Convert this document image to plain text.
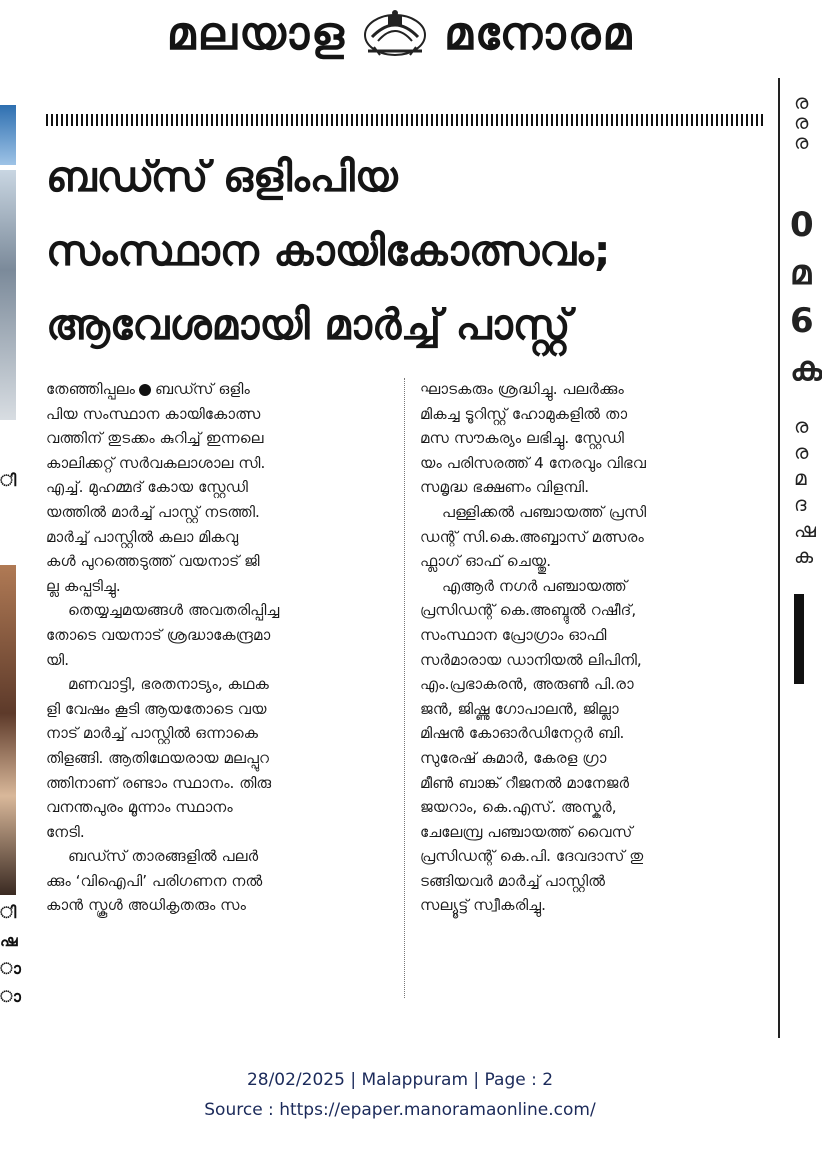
മലയാള മനോരമ
ി
ി
ഷ
ാ
ാ
ര
ര
ര
0
മ
6
ക
ര
ര
മ
ദ
ഷ
ക
ബഡ്സ് ഒളിംപിയ
സംസ്ഥാന കായികോത്സവം;
ആവേശമായി മാർച്ച് പാസ്റ്റ്

തേഞ്ഞിപ്പലം ബഡ്സ് ഒളിം
പിയ സംസ്ഥാന കായികോത്സ
വത്തിന് തുടക്കം കുറിച്ച് ഇന്നലെ
കാലിക്കറ്റ് സർവകലാശാല സി.
എച്ച്. മുഹമ്മദ് കോയ സ്റ്റേഡി
യത്തിൽ മാർച്ച് പാസ്റ്റ് നടത്തി.
മാർച്ച് പാസ്റ്റിൽ കലാ മികവു
കൾ പുറത്തെടുത്ത് വയനാട് ജി
ല്ല കപ്പടിച്ചു.

തെയ്യച്ചമയങ്ങൾ അവതരിപ്പിച്ച
തോടെ വയനാട് ശ്രദ്ധാകേന്ദ്രമാ
യി.

മണവാട്ടി, ഭരതനാട്യം, കഥക
ളി വേഷം കൂടി ആയതോടെ വയ
നാട് മാർച്ച് പാസ്റ്റിൽ ഒന്നാകെ
തിളങ്ങി. ആതിഥേയരായ മലപ്പുറ
ത്തിനാണ് രണ്ടാം സ്ഥാനം. തിരു
വനന്തപുരം മൂന്നാം സ്ഥാനം
നേടി.

ബഡ്സ് താരങ്ങളിൽ പലർ
ക്കും ‘വിഐപി’ പരിഗണന നൽ
കാൻ സ്കൂൾ അധികൃതരും സം

ഘാടകരും ശ്രദ്ധിച്ചു. പലർക്കും
മികച്ച ടൂറിസ്റ്റ് ഹോമുകളിൽ താ
മസ സൗകര്യം ലഭിച്ചു. സ്റ്റേഡി
യം പരിസരത്ത് 4 നേരവും വിഭവ
സമൃദ്ധ ഭക്ഷണം വിളമ്പി.

പള്ളിക്കൽ പഞ്ചായത്ത് പ്രസി
ഡന്റ് സി.കെ.അബ്ബാസ് മത്സരം
ഫ്ലാഗ് ഓഫ് ചെയ്തു.

എആർ നഗർ പഞ്ചായത്ത്
പ്രസിഡന്റ് കെ.അബ്ദുൽ റഷീദ്,
സംസ്ഥാന പ്രോഗ്രാം ഓഫി
സർമാരായ ഡാനിയൽ ലിപിനി,
എം.പ്രഭാകരൻ, അരുൺ പി.രാ
ജൻ, ജിഷ്ണു ഗോപാലൻ, ജില്ലാ
മിഷൻ കോഓർഡിനേറ്റർ ബി.
സുരേഷ് കുമാർ, കേരള ഗ്രാ
മീൺ ബാങ്ക് റീജനൽ മാനേജർ
ജയറാം, കെ.എസ്. അസ്കർ,
ചേലേമ്പ്ര പഞ്ചായത്ത് വൈസ്
പ്രസിഡന്റ് കെ.പി. ദേവദാസ് തു
ടങ്ങിയവർ മാർച്ച് പാസ്റ്റിൽ
സല്യൂട്ട് സ്വീകരിച്ചു.

28/02/2025 | Malappuram | Page : 2
Source : https://epaper.manoramaonline.com/
